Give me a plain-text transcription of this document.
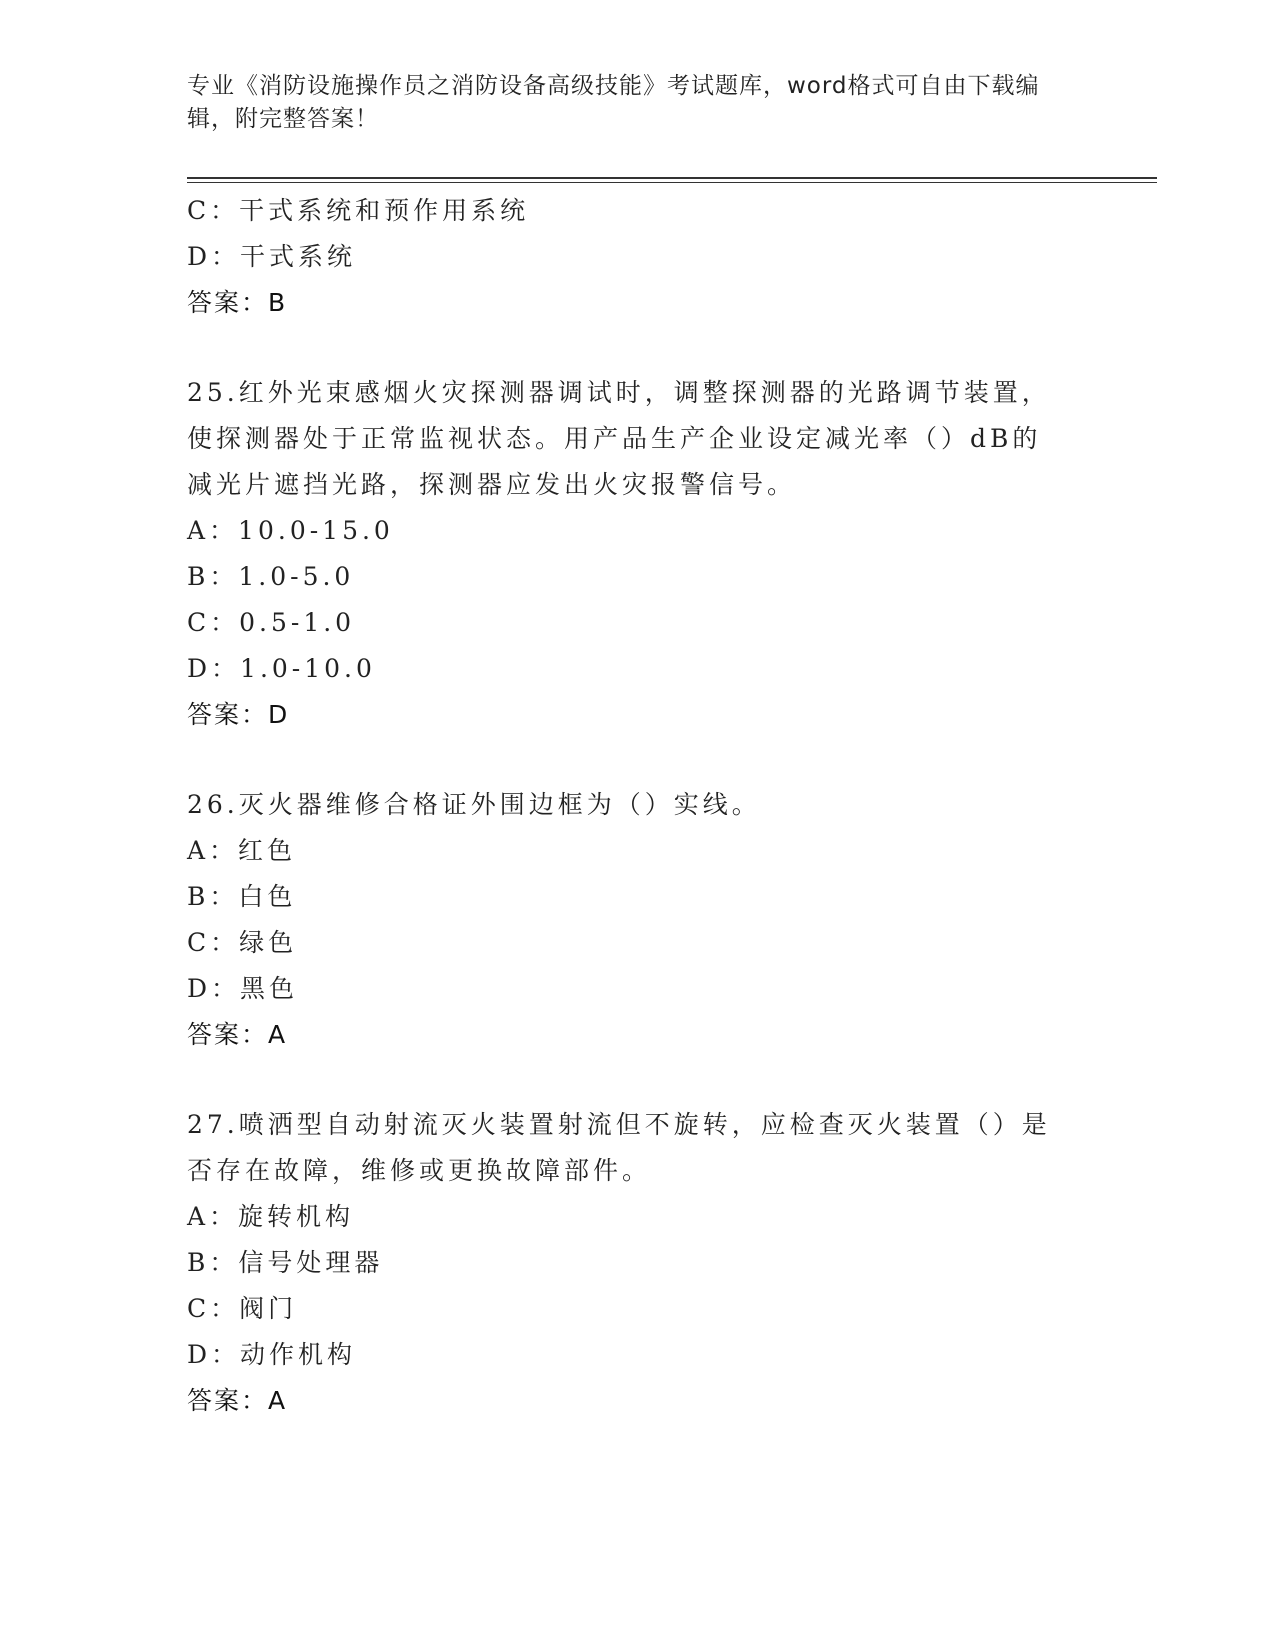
专业《消防设施操作员之消防设备高级技能》考试题库，word格式可自由下载编辑，附完整答案！
C：干式系统和预作用系统
D：干式系统
答案：B
25.红外光束感烟火灾探测器调试时，调整探测器的光路调节装置，使探测器处于正常监视状态。用产品生产企业设定减光率（）dB的减光片遮挡光路，探测器应发出火灾报警信号。
A：10.0-15.0
B：1.0-5.0
C：0.5-1.0
D：1.0-10.0
答案：D
26.灭火器维修合格证外围边框为（）实线。
A：红色
B：白色
C：绿色
D：黑色
答案：A
27.喷洒型自动射流灭火装置射流但不旋转，应检查灭火装置（）是否存在故障，维修或更换故障部件。
A：旋转机构
B：信号处理器
C：阀门
D：动作机构
答案：A
